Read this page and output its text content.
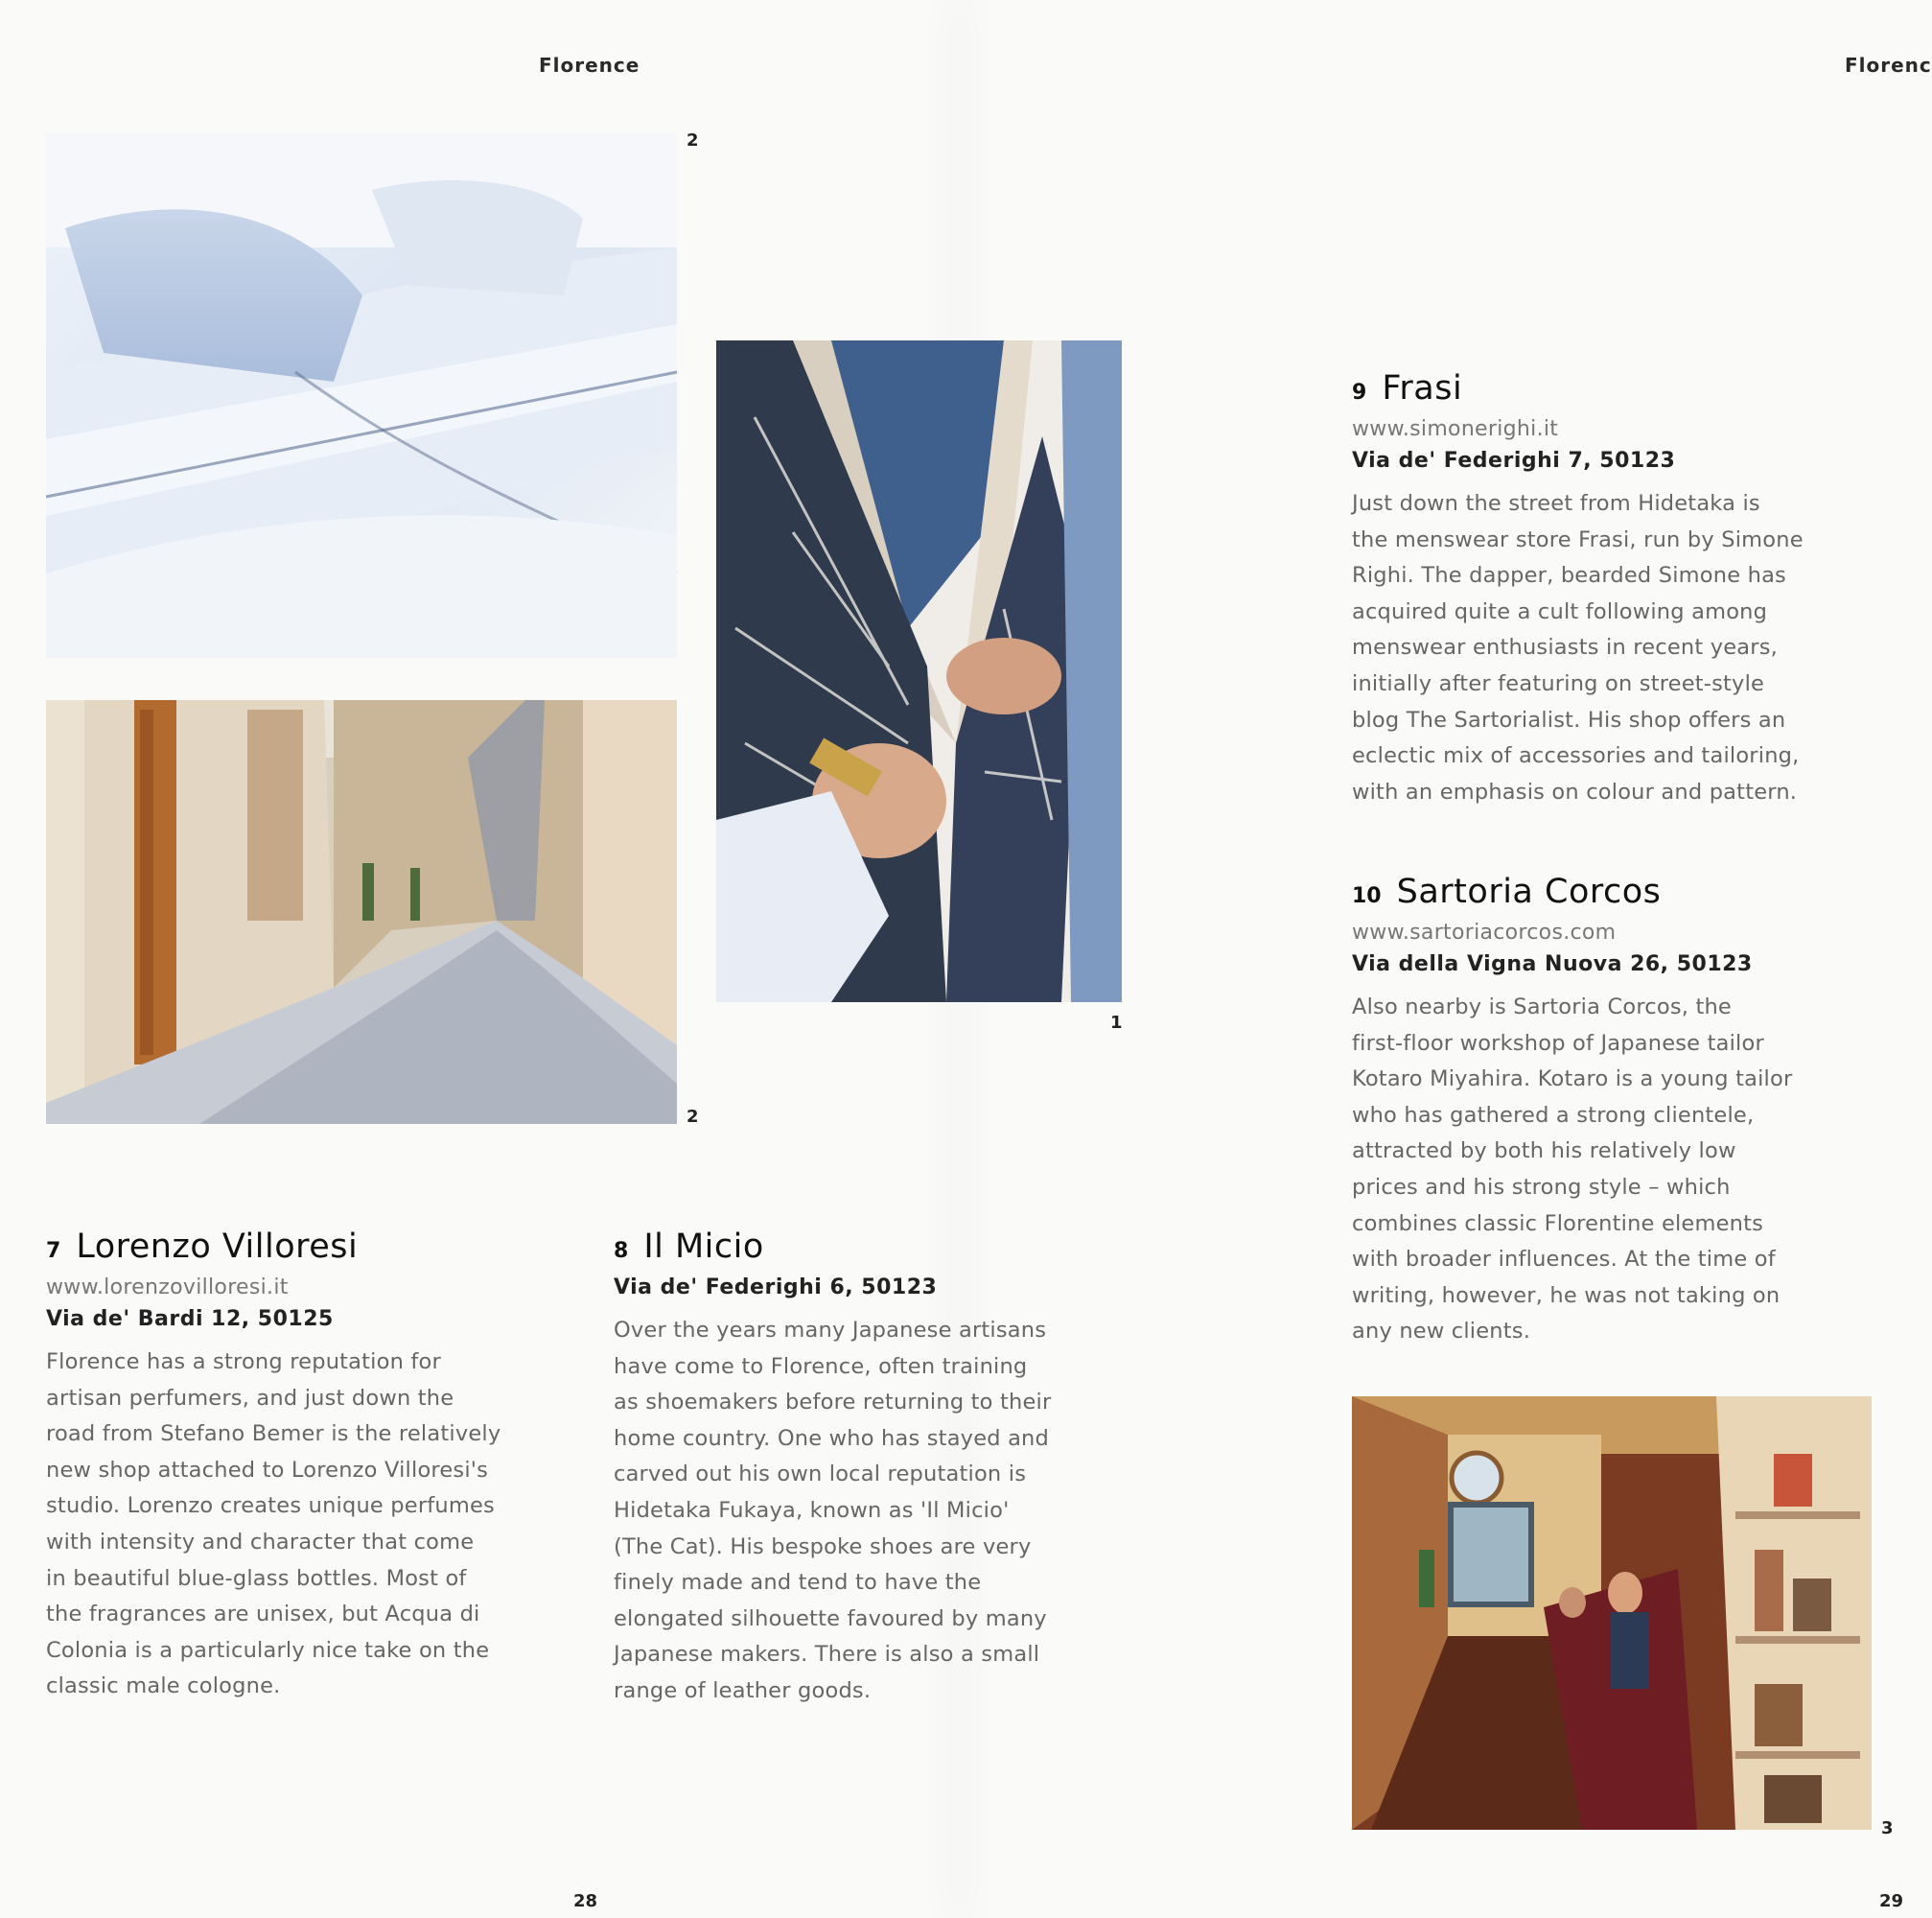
Florence	Florenc
2
2
1
7 Lorenzo Villoresi
www.lorenzovilloresi.it
Via de' Bardi 12, 50125
Florence has a strong reputation for
artisan perfumers, and just down the
road from Stefano Bemer is the relatively
new shop attached to Lorenzo Villoresi's
studio. Lorenzo creates unique perfumes
with intensity and character that come
in beautiful blue-glass bottles. Most of
the fragrances are unisex, but Acqua di
Colonia is a particularly nice take on the
classic male cologne.
8 Il Micio
Via de' Federighi 6, 50123
Over the years many Japanese artisans
have come to Florence, often training
as shoemakers before returning to their
home country. One who has stayed and
carved out his own local reputation is
Hidetaka Fukaya, known as 'Il Micio'
(The Cat). His bespoke shoes are very
finely made and tend to have the
elongated silhouette favoured by many
Japanese makers. There is also a small
range of leather goods.
9 Frasi
www.simonerighi.it
Via de' Federighi 7, 50123
Just down the street from Hidetaka is
the menswear store Frasi, run by Simone
Righi. The dapper, bearded Simone has
acquired quite a cult following among
menswear enthusiasts in recent years,
initially after featuring on street-style
blog The Sartorialist. His shop offers an
eclectic mix of accessories and tailoring,
with an emphasis on colour and pattern.
10 Sartoria Corcos
www.sartoriacorcos.com
Via della Vigna Nuova 26, 50123
Also nearby is Sartoria Corcos, the
first-floor workshop of Japanese tailor
Kotaro Miyahira. Kotaro is a young tailor
who has gathered a strong clientele,
attracted by both his relatively low
prices and his strong style – which
combines classic Florentine elements
with broader influences. At the time of
writing, however, he was not taking on
any new clients.
3
28	29
